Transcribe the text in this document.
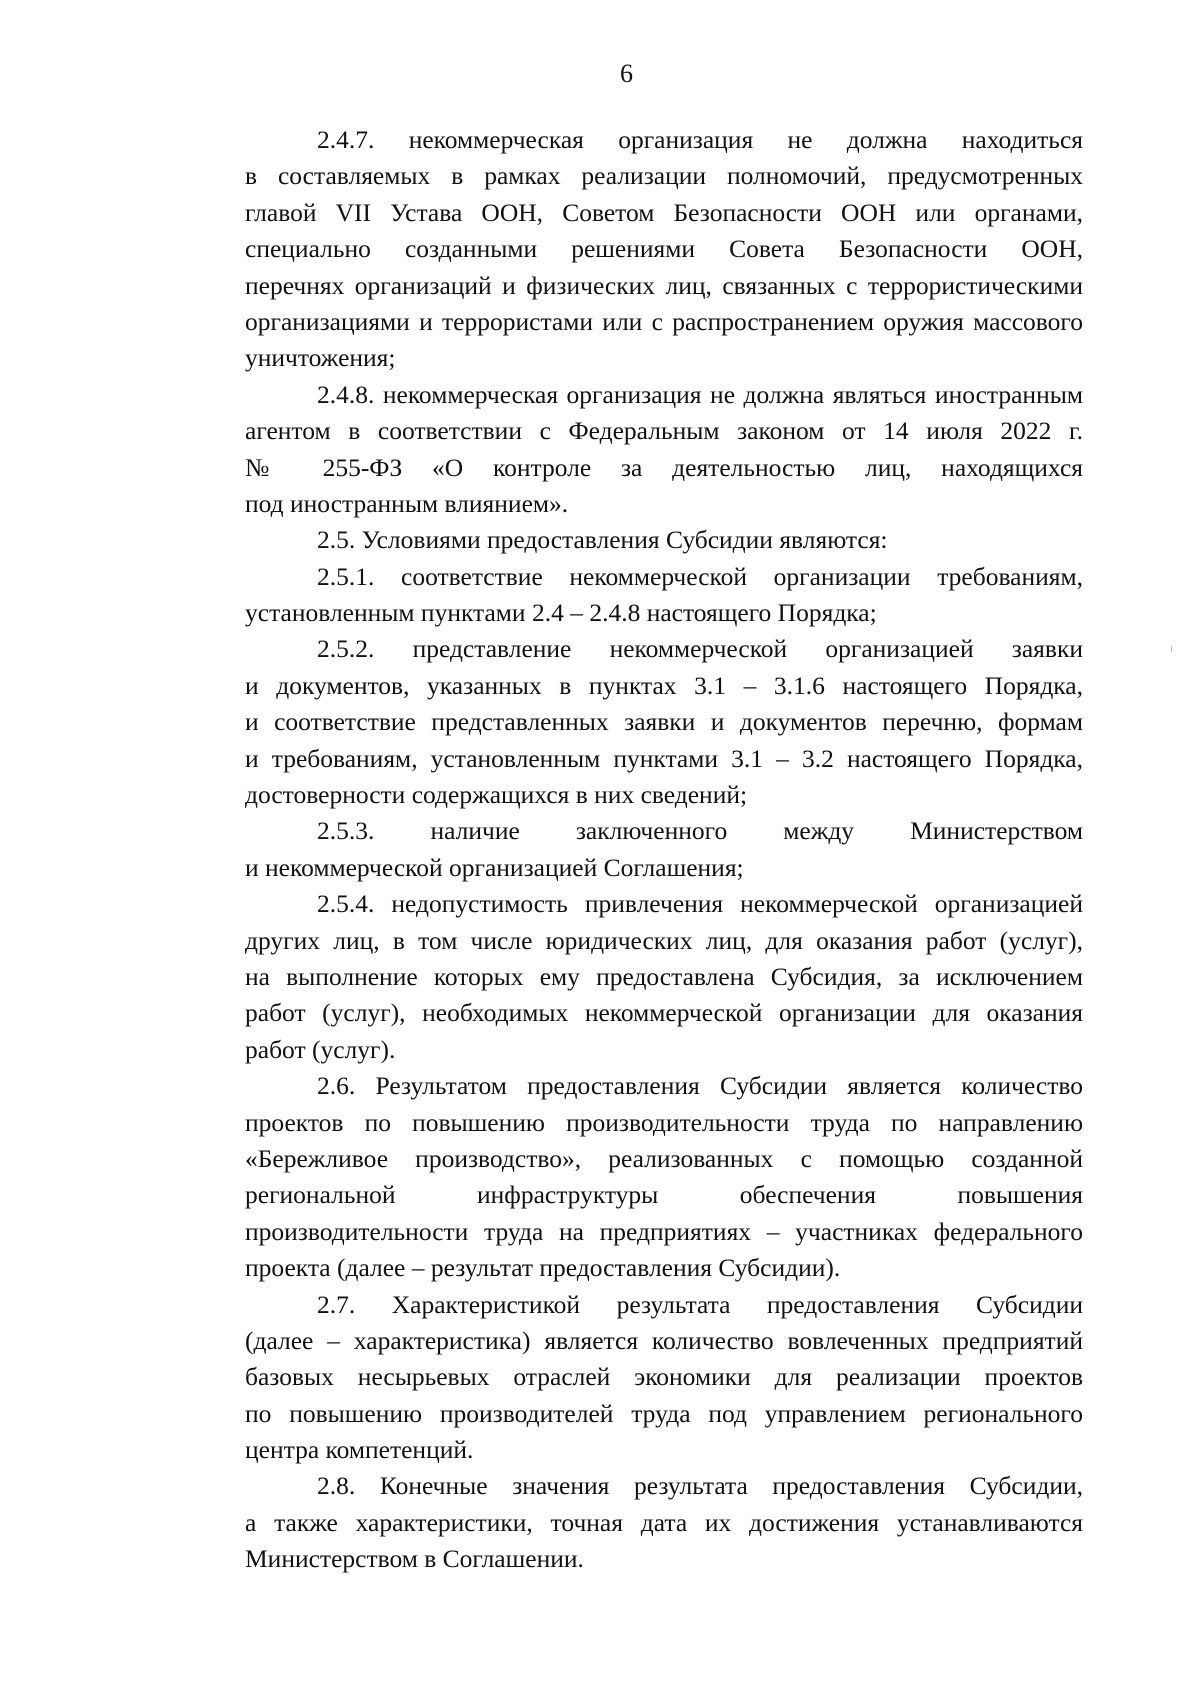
6
2.4.7. некоммерческая организация не должна находиться
в составляемых в рамках реализации полномочий, предусмотренных
главой VII Устава ООН, Советом Безопасности ООН или органами,
специально созданными решениями Совета Безопасности ООН,
перечнях организаций и физических лиц, связанных с террористическими
организациями и террористами или с распространением оружия массового
уничтожения;
2.4.8. некоммерческая организация не должна являться иностранным
агентом в соответствии с Федеральным законом от 14 июля 2022 г.
№ 255-ФЗ «О контроле за деятельностью лиц, находящихся
под иностранным влиянием».
2.5. Условиями предоставления Субсидии являются:
2.5.1. соответствие некоммерческой организации требованиям,
установленным пунктами 2.4 – 2.4.8 настоящего Порядка;
2.5.2. представление некоммерческой организацией заявки
и документов, указанных в пунктах 3.1 – 3.1.6 настоящего Порядка,
и соответствие представленных заявки и документов перечню, формам
и требованиям, установленным пунктами 3.1 – 3.2 настоящего Порядка,
достоверности содержащихся в них сведений;
2.5.3. наличие заключенного между Министерством
и некоммерческой организацией Соглашения;
2.5.4. недопустимость привлечения некоммерческой организацией
других лиц, в том числе юридических лиц, для оказания работ (услуг),
на выполнение которых ему предоставлена Субсидия, за исключением
работ (услуг), необходимых некоммерческой организации для оказания
работ (услуг).
2.6. Результатом предоставления Субсидии является количество
проектов по повышению производительности труда по направлению
«Бережливое производство», реализованных с помощью созданной
региональной инфраструктуры обеспечения повышения
производительности труда на предприятиях – участниках федерального
проекта (далее – результат предоставления Субсидии).
2.7. Характеристикой результата предоставления Субсидии
(далее – характеристика) является количество вовлеченных предприятий
базовых несырьевых отраслей экономики для реализации проектов
по повышению производителей труда под управлением регионального
центра компетенций.
2.8. Конечные значения результата предоставления Субсидии,
а также характеристики, точная дата их достижения устанавливаются
Министерством в Соглашении.
